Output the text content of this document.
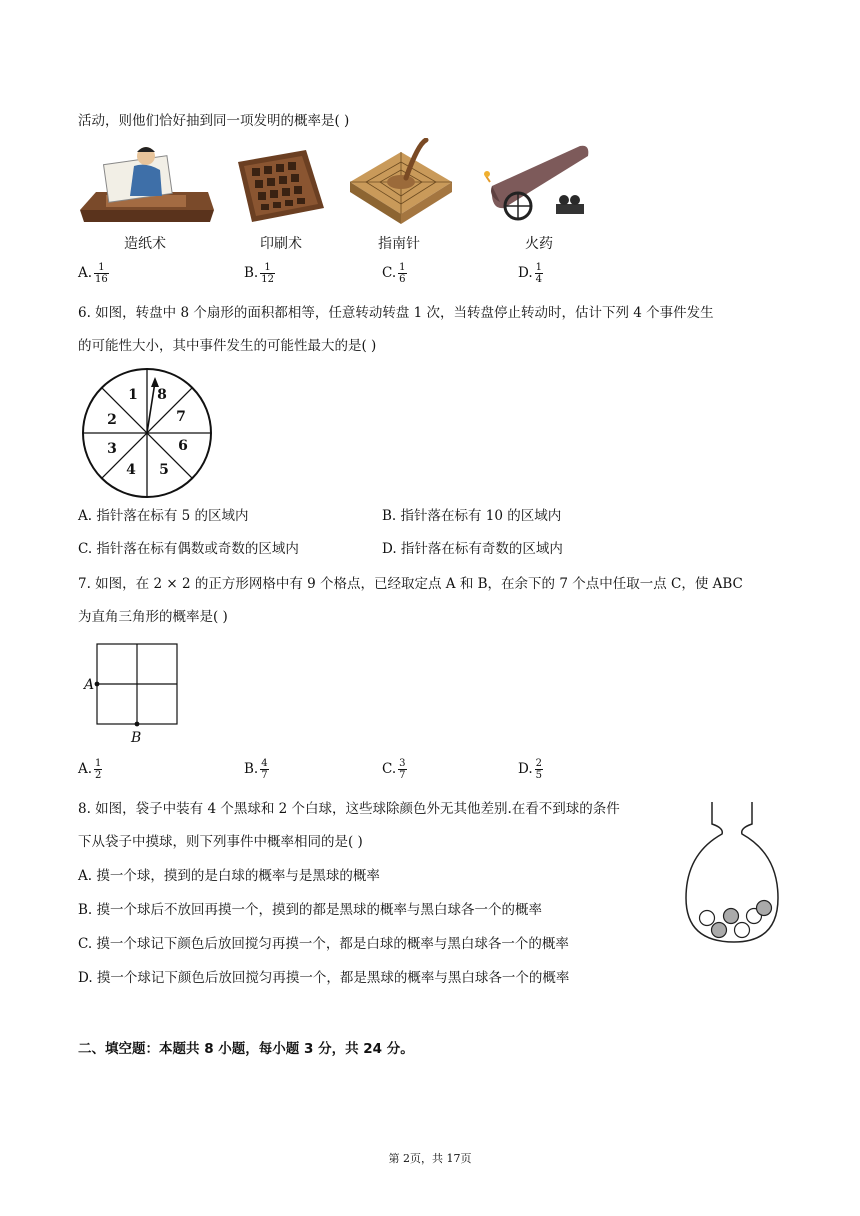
活动，则他们恰好抽到同一项发明的概率是( )
造纸术	印刷术	指南针	火药
A. $\frac{1}{16}$	B. $\frac{1}{12}$	C. $\frac{1}{6}$	D. $\frac{1}{4}$
6. 如图，转盘中 8 个扇形的面积都相等，任意转动转盘 1 次，当转盘停止转动时，估计下列 4 个事件发生
的可能性大小，其中事件发生的可能性最大的是( )
1
2
3
4 5
6
7
8
A. 指针落在标有 5 的区域内	B. 指针落在标有 10 的区域内
C. 指针落在标有偶数或奇数的区域内	D. 指针落在标有奇数的区域内
7. 如图，在 2 × 2 的正方形网格中有 9 个格点，已经取定点 A 和 B，在余下的 7 个点中任取一点 C，使 ABC
为直角三角形的概率是( )
A
B
A. $\frac{1}{2}$	B. $\frac{4}{7}$	C. $\frac{3}{7}$	D. $\frac{2}{5}$
8. 如图，袋子中装有 4 个黑球和 2 个白球，这些球除颜色外无其他差别.在看不到球的条件
下从袋子中摸球，则下列事件中概率相同的是( )
A. 摸一个球，摸到的是白球的概率与是黑球的概率
B. 摸一个球后不放回再摸一个，摸到的都是黑球的概率与黑白球各一个的概率
C. 摸一个球记下颜色后放回搅匀再摸一个，都是白球的概率与黑白球各一个的概率
D. 摸一个球记下颜色后放回搅匀再摸一个，都是黑球的概率与黑白球各一个的概率
二、填空题：本题共 8 小题，每小题 3 分，共 24 分。
第 2页，共 17页
